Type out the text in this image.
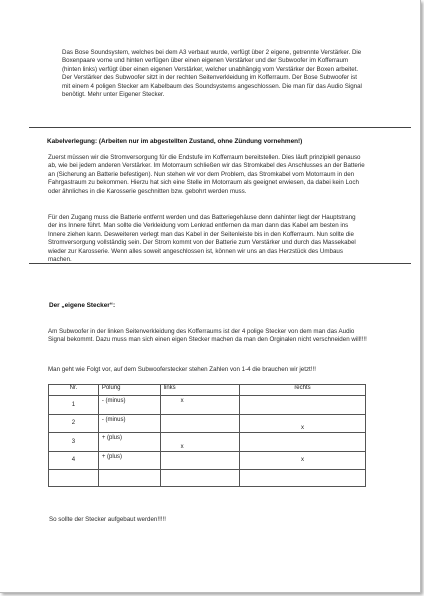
Das Bose Soundsystem, welches bei dem A3 verbaut wurde, verfügt über 2 eigene, getrennte Verstärker. Die Boxenpaare vorne und hinten verfügen über einen eigenen Verstärker und der Subwoofer im Kofferraum (hinten links) verfügt über einen eigenen Verstärker, welcher unabhängig vom Verstärker der Boxen arbeitet. Der Verstärker des Subwoofer sitzt in der rechten Seitenverkleidung im Kofferraum. Der Bose Subwoofer ist mit einem 4 poligen Stecker am Kabelbaum des Soundsystems angeschlossen. Die man für das Audio Signal benötigt. Mehr unter Eigener Stecker.
Kabelverlegung: (Arbeiten nur im abgestellten Zustand, ohne Zündung vornehmen!)
Zuerst müssen wir die Stromversorgung für die Endstufe im Kofferraum bereitstellen. Dies läuft prinzipiell genauso ab, wie bei jedem anderen Verstärker. Im Motorraum schließen wir das Stromkabel des Anschlusses an der Batterie an (Sicherung an Batterie befestigen). Nun stehen wir vor dem Problem, das Stromkabel vom Motorraum in den Fahrgastraum zu bekommen. Hierzu hat sich eine Stelle im Motorraum als geeignet erwiesen, da dabei kein Loch oder ähnliches in die Karosserie geschnitten bzw. gebohrt werden muss.
Für den Zugang muss die Batterie entfernt werden und das Batteriegehäuse denn dahinter liegt der Hauptstrang der ins Innere führt. Man sollte die Verkleidung vom Lenkrad entfernen da man dann das Kabel am besten ins Innere ziehen kann. Desweiteren verlegt man das Kabel in der Seitenleiste bis in den Kofferraum. Nun sollte die Stromversorgung vollständig sein. Der Strom kommt von der Batterie zum Verstärker und durch das Massekabel wieder zur Karosserie. Wenn alles soweit angeschlossen ist, können wir uns an das Herzstück des Umbaus machen.
Der „eigene Stecker“:
Am Subwoofer in der linken Seitenverkleidung des Kofferraums ist der 4 polige Stecker von dem man das Audio Signal bekommt. Dazu muss man sich einen eigen Stecker machen da man den Orginalen nicht verschneiden will!!!!
Man geht wie Folgt vor, auf dem Subwooferstecker stehen Zahlen von 1-4 die brauchen wir jetzt!!!
Nr.	Polung	links	rechts
1	- (minus)	x	
2	- (minus)		x
3	+ (plus)	x	
4	+ (plus)		x

So sollte der Stecker aufgebaut werden!!!!!
